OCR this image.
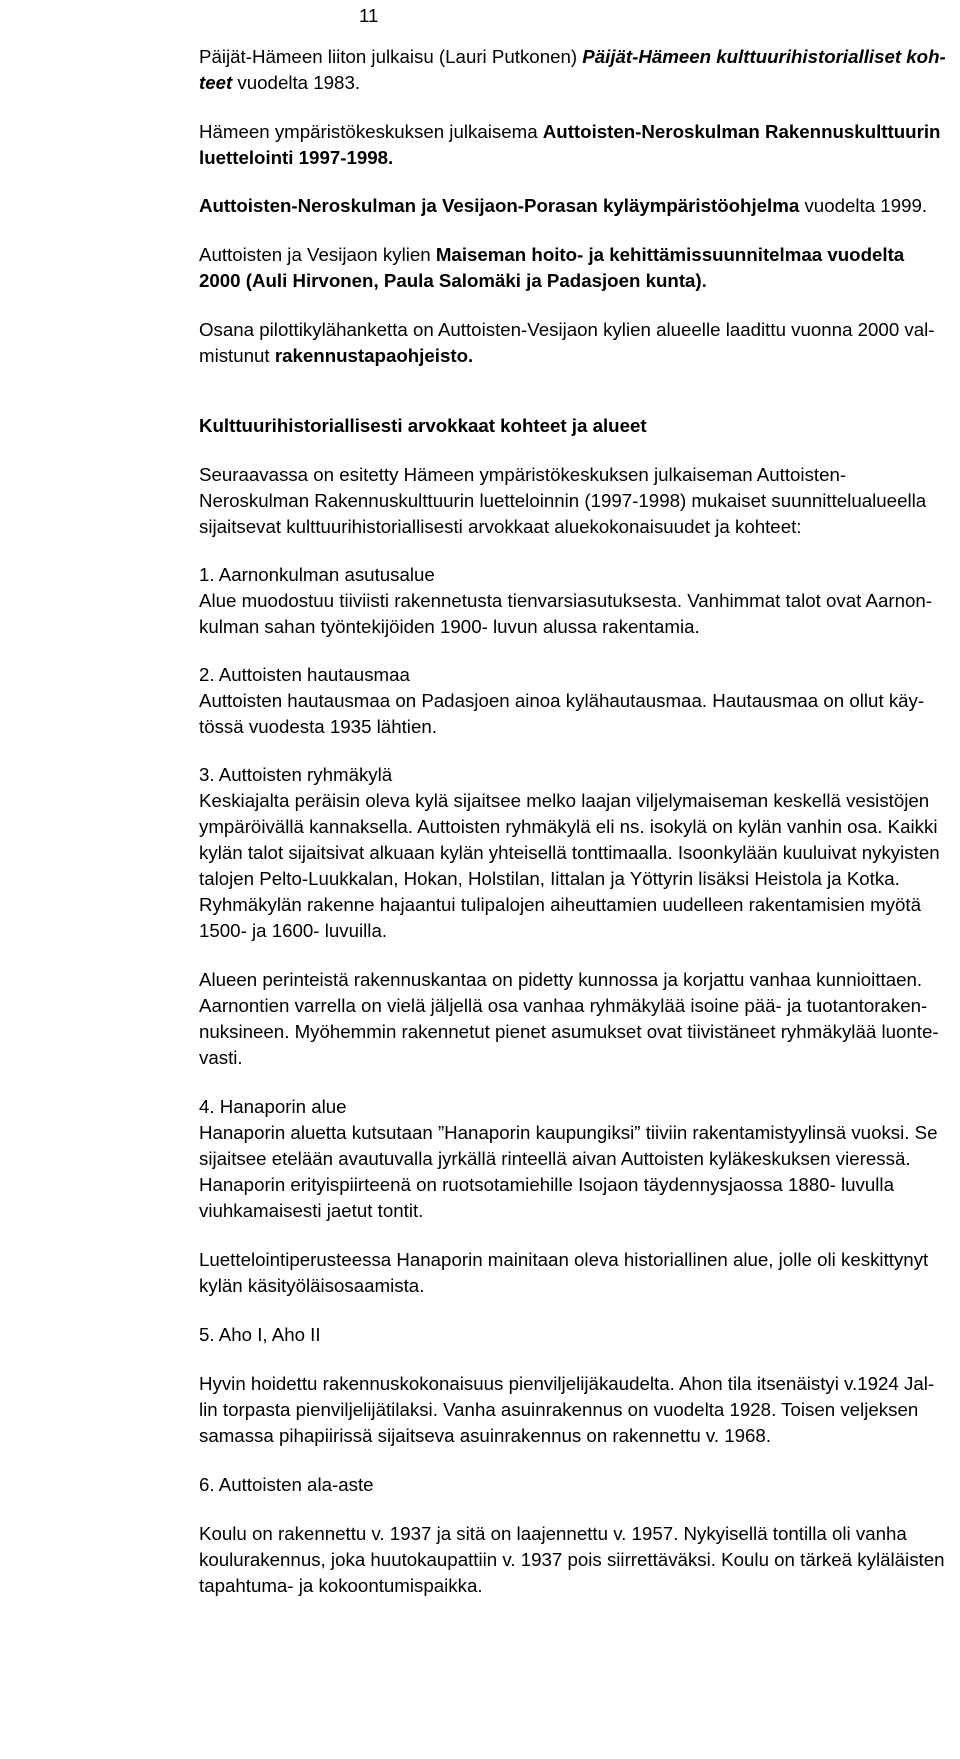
11
Päijät-Hämeen liiton julkaisu (Lauri Putkonen) Päijät-Hämeen kulttuurihistorialliset koh-
teet vuodelta 1983.
Hämeen ympäristökeskuksen julkaisema Auttoisten-Neroskulman Rakennuskulttuurin
luettelointi 1997-1998.
Auttoisten-Neroskulman ja Vesijaon-Porasan kyläympäristöohjelma vuodelta 1999.
Auttoisten ja Vesijaon kylien Maiseman hoito- ja kehittämissuunnitelmaa vuodelta
2000 (Auli Hirvonen, Paula Salomäki ja Padasjoen kunta).
Osana pilottikylähanketta on Auttoisten-Vesijaon kylien alueelle laadittu vuonna 2000 val-
mistunut rakennustapaohjeisto.
Kulttuurihistoriallisesti arvokkaat kohteet ja alueet
Seuraavassa on esitetty Hämeen ympäristökeskuksen julkaiseman Auttoisten-
Neroskulman Rakennuskulttuurin luetteloinnin (1997-1998) mukaiset suunnittelualueella
sijaitsevat kulttuurihistoriallisesti arvokkaat aluekokonaisuudet ja kohteet:
1. Aarnonkulman asutusalue
Alue muodostuu tiiviisti rakennetusta tienvarsiasutuksesta. Vanhimmat talot ovat Aarnon-
kulman sahan työntekijöiden 1900- luvun alussa rakentamia.
2. Auttoisten hautausmaa
Auttoisten hautausmaa on Padasjoen ainoa kylähautausmaa. Hautausmaa on ollut käy-
tössä vuodesta 1935 lähtien.
3. Auttoisten ryhmäkylä
Keskiajalta peräisin oleva kylä sijaitsee melko laajan viljelymaiseman keskellä vesistöjen
ympäröivällä kannaksella. Auttoisten ryhmäkylä eli ns. isokylä on kylän vanhin osa. Kaikki
kylän talot sijaitsivat alkuaan kylän yhteisellä tonttimaalla. Isoonkylään kuuluivat nykyisten
talojen Pelto-Luukkalan, Hokan, Holstilan, Iittalan ja Yöttyrin lisäksi Heistola ja Kotka.
Ryhmäkylän rakenne hajaantui tulipalojen aiheuttamien uudelleen rakentamisien myötä
1500- ja 1600- luvuilla.
Alueen perinteistä rakennuskantaa on pidetty kunnossa ja korjattu vanhaa kunnioittaen.
Aarnontien varrella on vielä jäljellä osa vanhaa ryhmäkylää isoine pää- ja tuotantoraken-
nuksineen. Myöhemmin rakennetut pienet asumukset ovat tiivistäneet ryhmäkylää luonte-
vasti.
4. Hanaporin alue
Hanaporin aluetta kutsutaan ”Hanaporin kaupungiksi” tiiviin rakentamistyylinsä vuoksi. Se
sijaitsee etelään avautuvalla jyrkällä rinteellä aivan Auttoisten kyläkeskuksen vieressä.
Hanaporin erityispiirteenä on ruotsotamiehille Isojaon täydennysjaossa 1880- luvulla
viuhkamaisesti jaetut tontit.
Luettelointiperusteessa Hanaporin mainitaan oleva historiallinen alue, jolle oli keskittynyt
kylän käsityöläisosaamista.
5. Aho I, Aho II
Hyvin hoidettu rakennuskokonaisuus pienviljelijäkaudelta. Ahon tila itsenäistyi v.1924 Jal-
lin torpasta pienviljelijätilaksi. Vanha asuinrakennus on vuodelta 1928. Toisen veljeksen
samassa pihapiirissä sijaitseva asuinrakennus on rakennettu v. 1968.
6. Auttoisten ala-aste
Koulu on rakennettu v. 1937 ja sitä on laajennettu v. 1957. Nykyisellä tontilla oli vanha
koulurakennus, joka huutokaupattiin v. 1937 pois siirrettäväksi. Koulu on tärkeä kyläläisten
tapahtuma- ja kokoontumispaikka.
